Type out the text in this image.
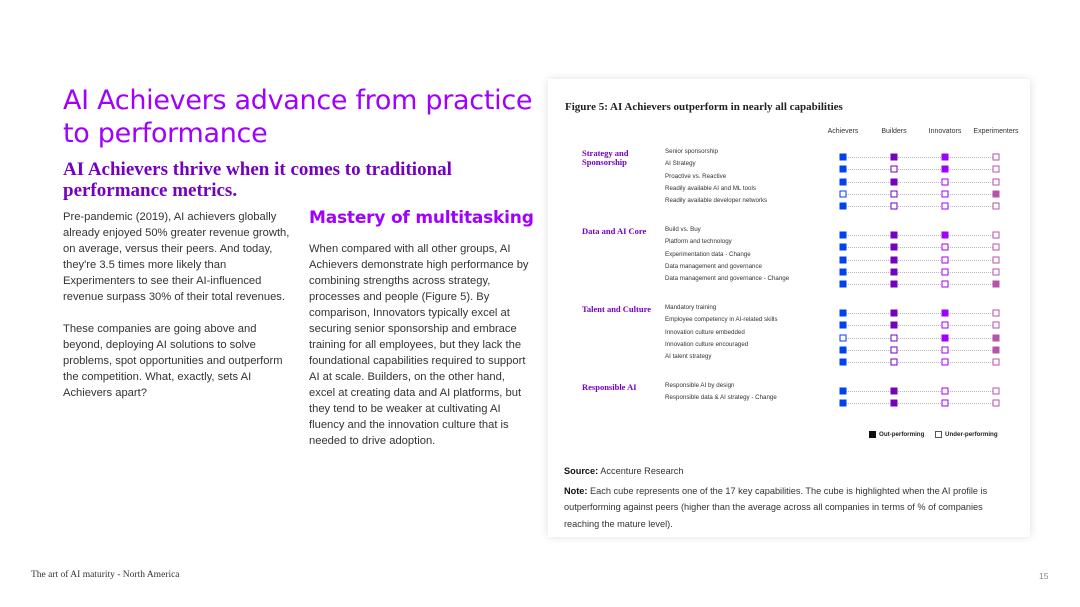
AI Achievers advance from practice to performance
AI Achievers thrive when it comes to traditional performance metrics.

Pre-pandemic (2019), AI achievers globally already enjoyed 50% greater revenue growth, on average, versus their peers. And today, they're 3.5 times more likely than Experimenters to see their AI-influenced revenue surpass 30% of their total revenues.

These companies are going above and beyond, deploying AI solutions to solve problems, spot opportunities and outperform the competition. What, exactly, sets AI Achievers apart?

Mastery of multitasking

When compared with all other groups, AI Achievers demonstrate high performance by combining strengths across strategy, processes and people (Figure 5). By comparison, Innovators typically excel at securing senior sponsorship and embrace training for all employees, but they lack the foundational capabilities required to support AI at scale. Builders, on the other hand, excel at creating data and AI platforms, but they tend to be weaker at cultivating AI fluency and the innovation culture that is needed to drive adoption.

Figure 5: AI Achievers outperform in nearly all capabilities
Achievers	Builders	Innovators Experimenters
Strategy and Sponsorship
Senior sponsorship
AI Strategy
Proactive vs. Reactive
Readily available AI and ML tools
Readily available developer networks
Data and AI Core	Build vs. Buy
Platform and technology
Experimentation data - Change
Data management and governance
Data management and governance - Change
Talent and Culture Mandatory training
Employee competency in AI-related skills
Innovation culture embedded
Innovation culture encouraged
AI talent strategy
Responsible AI	Responsible AI by design
Responsible data & AI strategy - Change
Out-performing	Under-performing

Source: Accenture Research

Note: Each cube represents one of the 17 key capabilities. The cube is highlighted when the AI profile is outperforming against peers (higher than the average across all companies in terms of % of companies reaching the mature level).

The art of AI maturity - North America	15
